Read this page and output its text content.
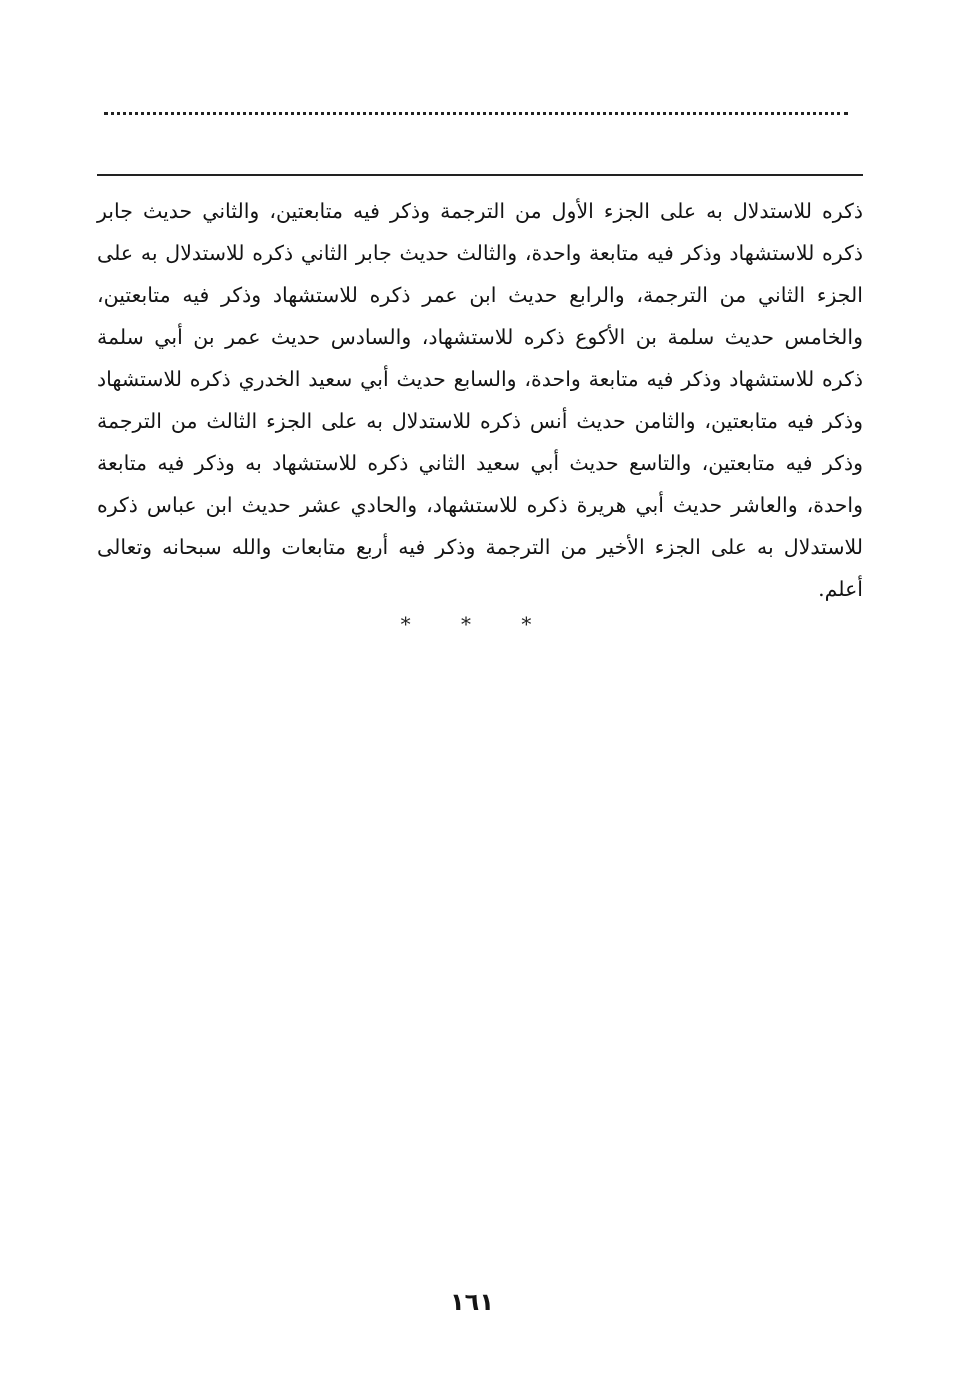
ذكره للاستدلال به على الجزء الأول من الترجمة وذكر فيه متابعتين، والثاني حديث جابر ذكره للاستشهاد وذكر فيه متابعة واحدة، والثالث حديث جابر الثاني ذكره للاستدلال به على الجزء الثاني من الترجمة، والرابع حديث ابن عمر ذكره للاستشهاد وذكر فيه متابعتين، والخامس حديث سلمة بن الأكوع ذكره للاستشهاد، والسادس حديث عمر بن أبي سلمة ذكره للاستشهاد وذكر فيه متابعة واحدة، والسابع حديث أبي سعيد الخدري ذكره للاستشهاد وذكر فيه متابعتين، والثامن حديث أنس ذكره للاستدلال به على الجزء الثالث من الترجمة وذكر فيه متابعتين، والتاسع حديث أبي سعيد الثاني ذكره للاستشهاد به وذكر فيه متابعة واحدة، والعاشر حديث أبي هريرة ذكره للاستشهاد، والحادي عشر حديث ابن عباس ذكره للاستدلال به على الجزء الأخير من الترجمة وذكر فيه أربع متابعات والله سبحانه وتعالى أعلم.

* * *
١٦١
